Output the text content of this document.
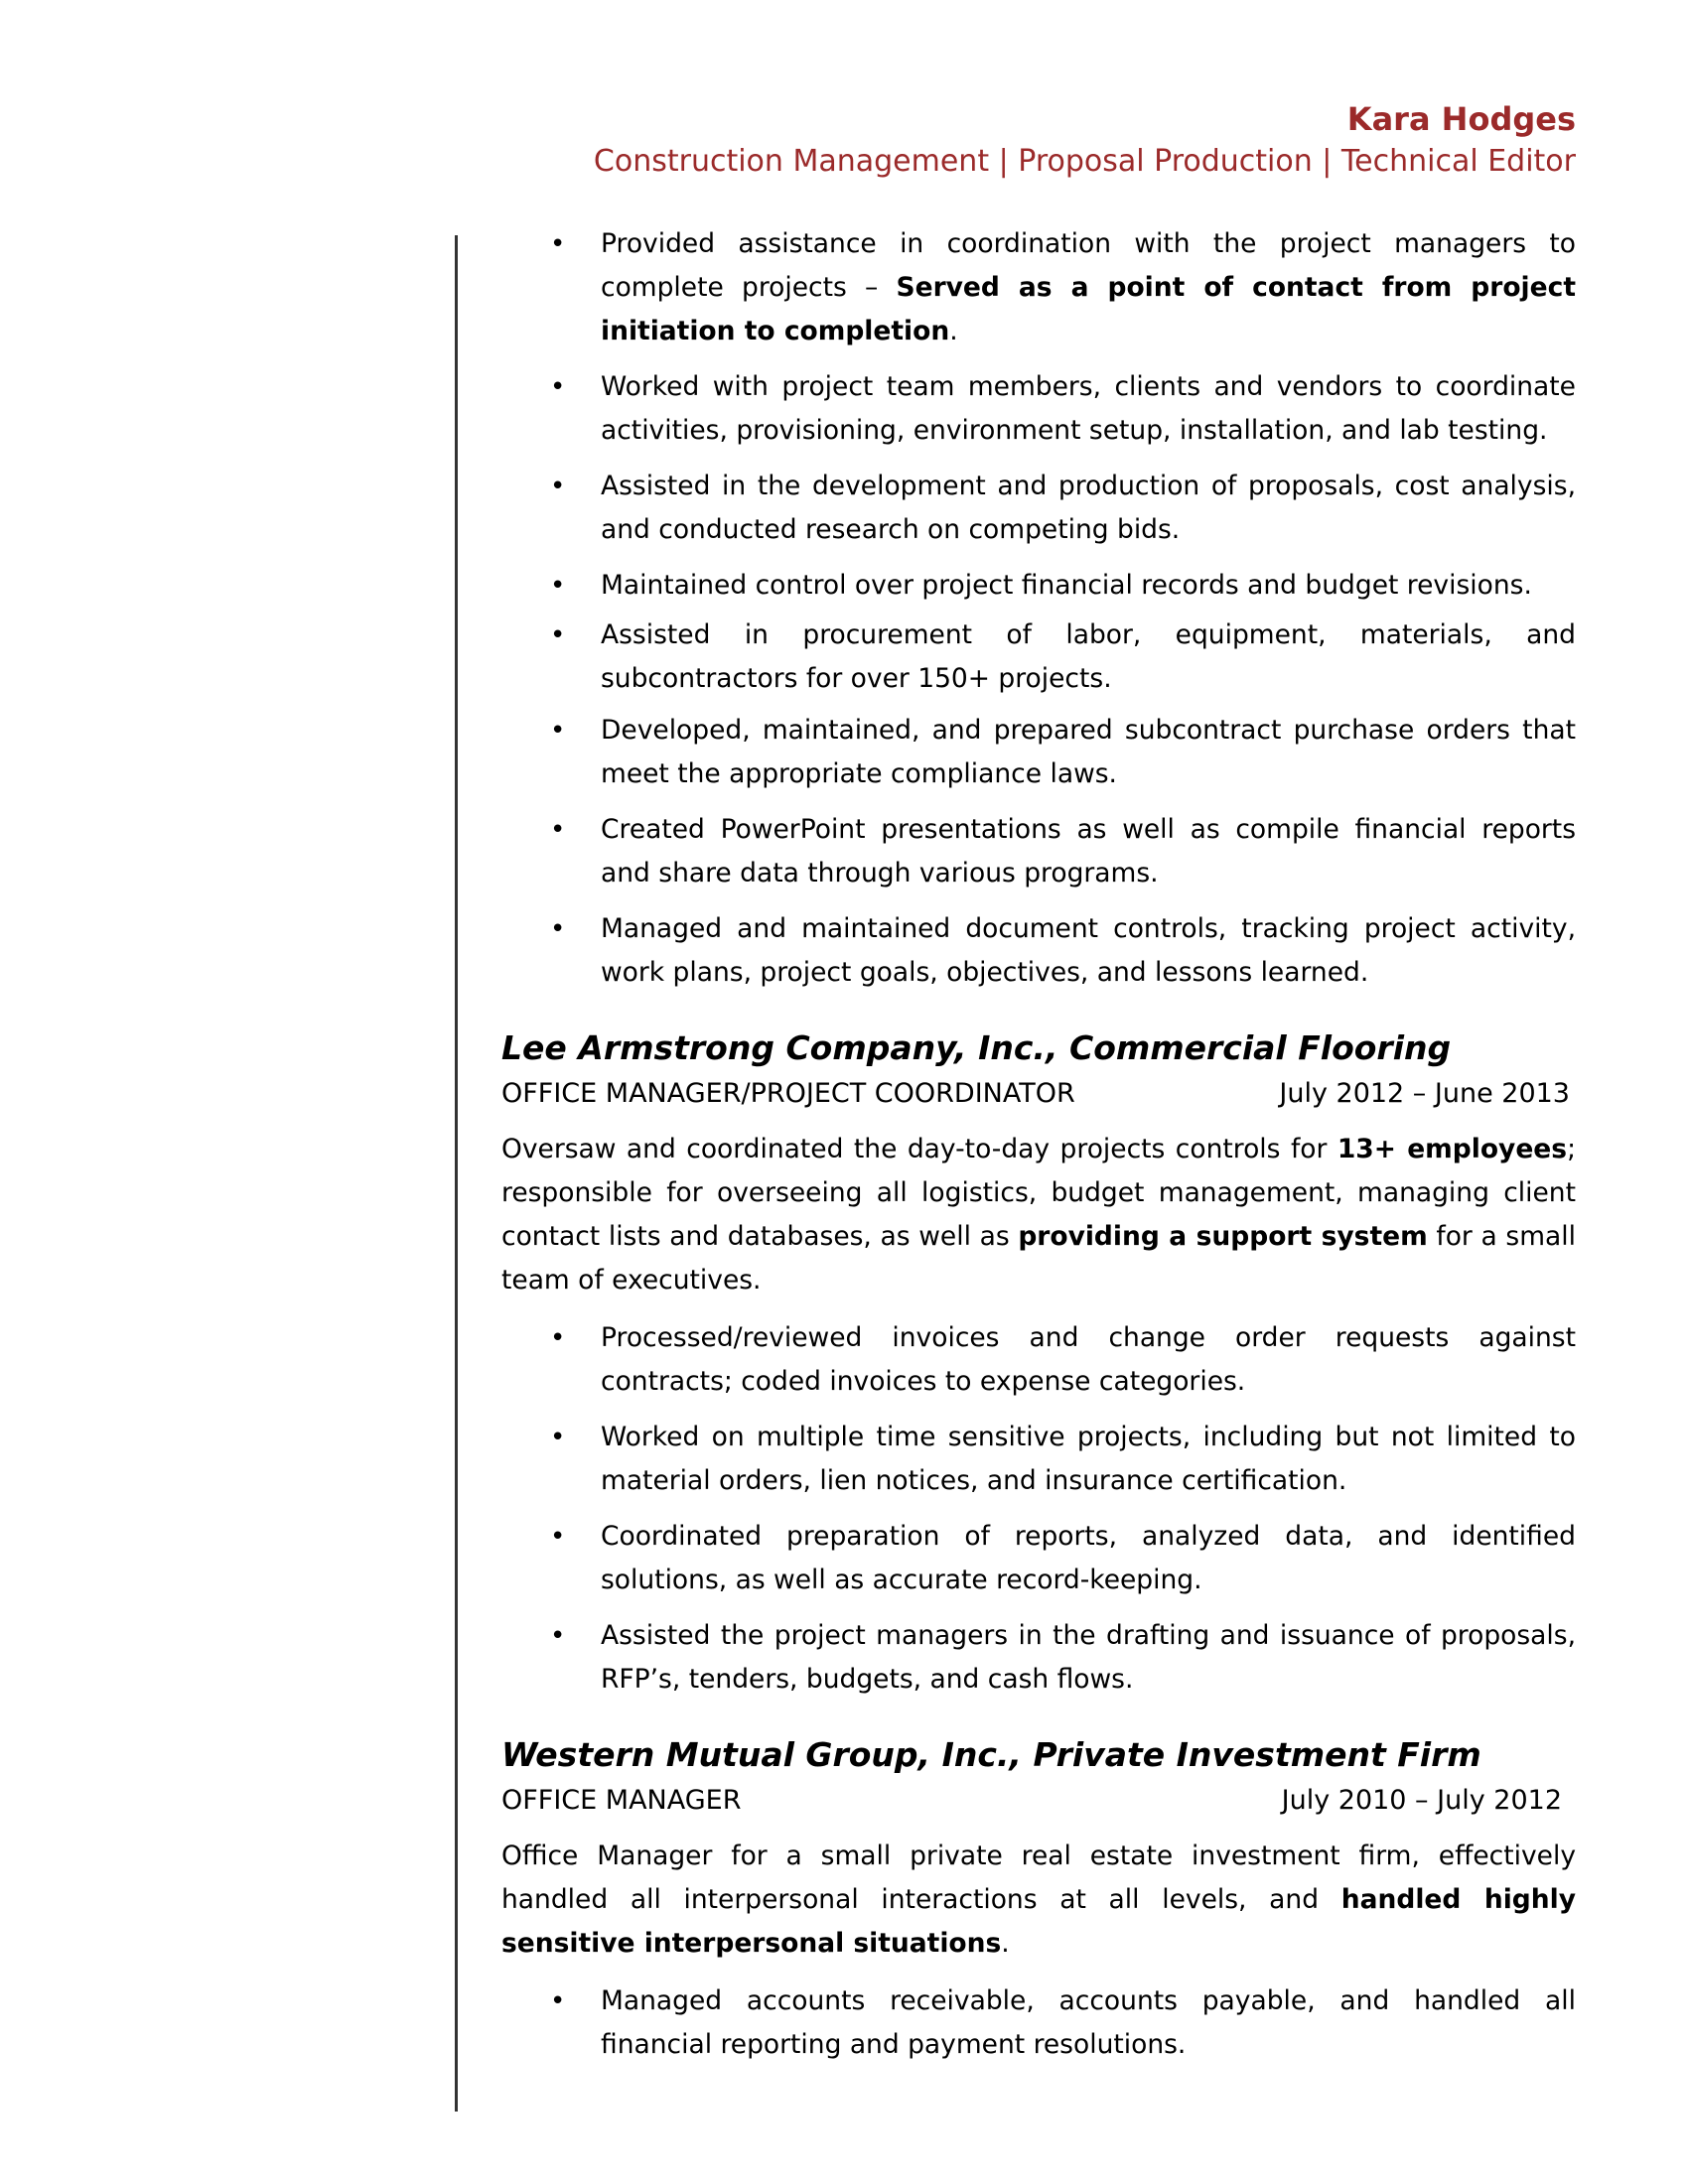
Kara Hodges
Construction Management | Proposal Production | Technical Editor
• Provided assistance in coordination with the project managers to complete projects – Served as a point of contact from project initiation to completion.
• Worked with project team members, clients and vendors to coordinate activities, provisioning, environment setup, installation, and lab testing.
• Assisted in the development and production of proposals, cost analysis, and conducted research on competing bids.
• Maintained control over project financial records and budget revisions.
• Assisted in procurement of labor, equipment, materials, and subcontractors for over 150+ projects.
• Developed, maintained, and prepared subcontract purchase orders that meet the appropriate compliance laws.
• Created PowerPoint presentations as well as compile financial reports and share data through various programs.
• Managed and maintained document controls, tracking project activity, work plans, project goals, objectives, and lessons learned.
Lee Armstrong Company, Inc., Commercial Flooring
OFFICE MANAGER/PROJECT COORDINATOR	July 2012 – June 2013

Oversaw and coordinated the day-to-day projects controls for 13+ employees; responsible for overseeing all logistics, budget management, managing client contact lists and databases, as well as providing a support system for a small team of executives.

• Processed/reviewed invoices and change order requests against contracts; coded invoices to expense categories.
• Worked on multiple time sensitive projects, including but not limited to material orders, lien notices, and insurance certification.
• Coordinated preparation of reports, analyzed data, and identified solutions, as well as accurate record-keeping.
• Assisted the project managers in the drafting and issuance of proposals, RFP’s, tenders, budgets, and cash flows.
Western Mutual Group, Inc., Private Investment Firm
OFFICE MANAGER	July 2010 – July 2012

Office Manager for a small private real estate investment firm, effectively handled all interpersonal interactions at all levels, and handled highly sensitive interpersonal situations.

• Managed accounts receivable, accounts payable, and handled all financial reporting and payment resolutions.
